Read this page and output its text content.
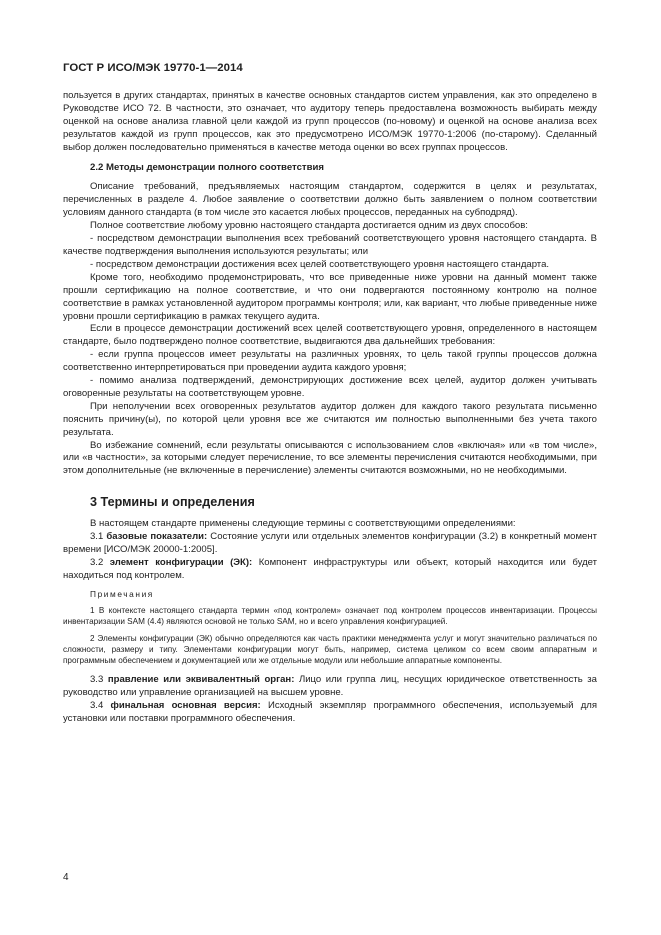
ГОСТ Р ИСО/МЭК 19770-1—2014

пользуется в других стандартах, принятых в качестве основных стандартов систем управления, как это определено в Руководстве ИСО 72. В частности, это означает, что аудитору теперь предоставлена возможность выбирать между оценкой на основе анализа главной цели каждой из групп процессов (по-новому) и оценкой на основе анализа всех результатов каждой из групп процессов, как это предусмотрено ИСО/МЭК 19770-1:2006 (по-старому). Сделанный выбор должен последовательно применяться в качестве метода оценки во всех группах процессов.

2.2 Методы демонстрации полного соответствия

Описание требований, предъявляемых настоящим стандартом, содержится в целях и результатах, перечисленных в разделе 4. Любое заявление о соответствии должно быть заявлением о полном соответствии условиям данного стандарта (в том числе это касается любых процессов, переданных на субподряд).

Полное соответствие любому уровню настоящего стандарта достигается одним из двух способов:

- посредством демонстрации выполнения всех требований соответствующего уровня настоящего стандарта. В качестве подтверждения выполнения используются результаты; или

- посредством демонстрации достижения всех целей соответствующего уровня настоящего стандарта.

Кроме того, необходимо продемонстрировать, что все приведенные ниже уровни на данный момент также прошли сертификацию на полное соответствие, и что они подвергаются постоянному контролю на полное соответствие в рамках установленной аудитором программы контроля; или, как вариант, что любые приведенные ниже уровни прошли сертификацию в рамках текущего аудита.

Если в процессе демонстрации достижений всех целей соответствующего уровня, определенного в настоящем стандарте, было подтверждено полное соответствие, выдвигаются два дальнейших требования:

- если группа процессов имеет результаты на различных уровнях, то цель такой группы процессов должна соответственно интерпретироваться при проведении аудита каждого уровня;

- помимо анализа подтверждений, демонстрирующих достижение всех целей, аудитор должен учитывать оговоренные результаты на соответствующем уровне.

При неполучении всех оговоренных результатов аудитор должен для каждого такого результата письменно пояснить причину(ы), по которой цели уровня все же считаются им полностью выполненными без учета такого результата.

Во избежание сомнений, если результаты описываются с использованием слов «включая» или «в том числе», или «в частности», за которыми следует перечисление, то все элементы перечисления считаются необходимыми, при этом дополнительные (не включенные в перечисление) элементы считаются возможными, но не необходимыми.

3 Термины и определения

В настоящем стандарте применены следующие термины с соответствующими определениями:

3.1 базовые показатели: Состояние услуги или отдельных элементов конфигурации (3.2) в конкретный момент времени [ИСО/МЭК 20000-1:2005].

3.2 элемент конфигурации (ЭК): Компонент инфраструктуры или объект, который находится или будет находиться под контролем.

Примечания

1 В контексте настоящего стандарта термин «под контролем» означает под контролем процессов инвентаризации. Процессы инвентаризации SAM (4.4) являются основой не только SAM, но и всего управления конфигурацией.

2 Элементы конфигурации (ЭК) обычно определяются как часть практики менеджмента услуг и могут значительно различаться по сложности, размеру и типу. Элементами конфигурации могут быть, например, система целиком со всем своим аппаратным и программным обеспечением и документацией или же отдельные модули или небольшие аппаратные компоненты.

3.3 правление или эквивалентный орган: Лицо или группа лиц, несущих юридическое ответственность за руководство или управление организацией на высшем уровне.

3.4 финальная основная версия: Исходный экземпляр программного обеспечения, используемый для установки или поставки программного обеспечения.

4
